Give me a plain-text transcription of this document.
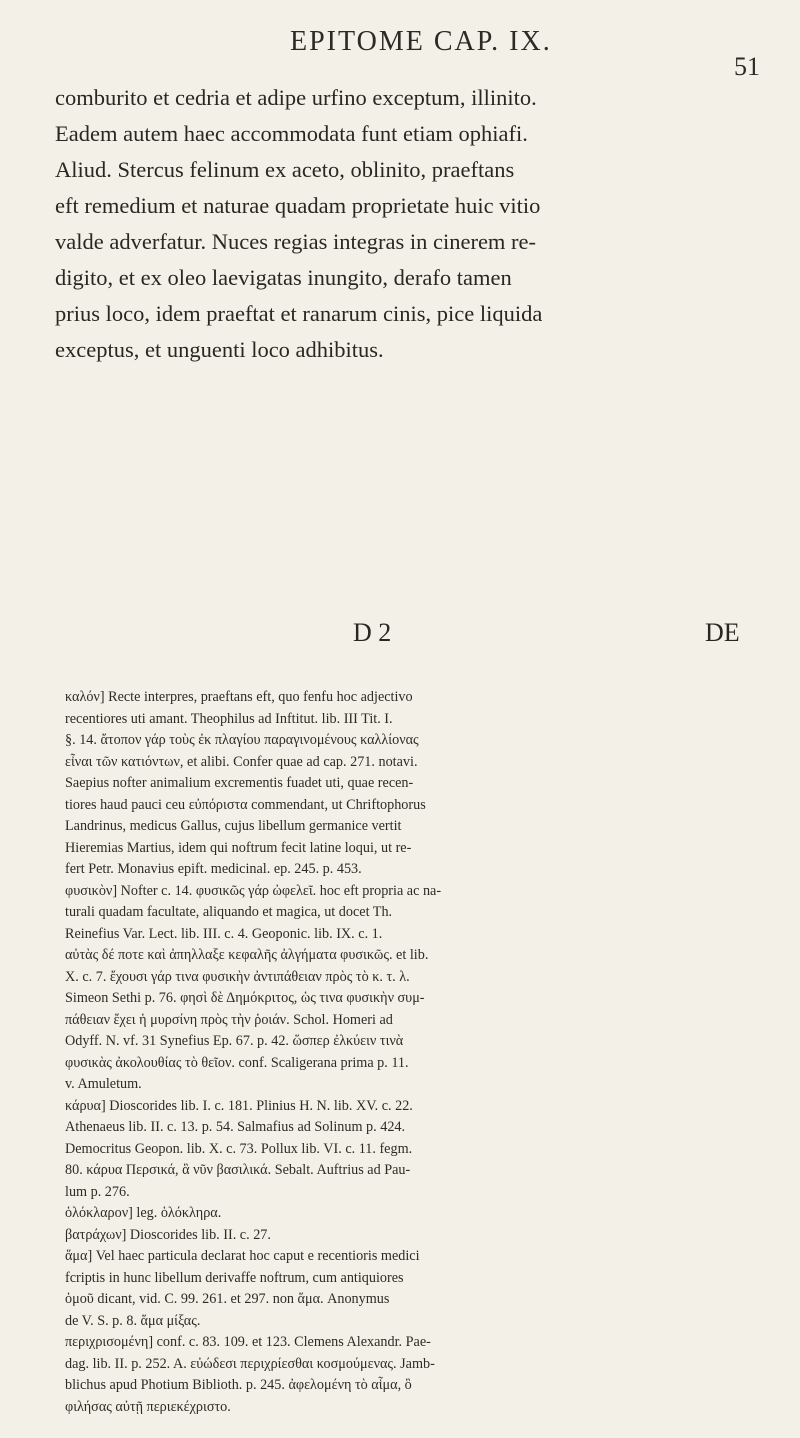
EPITOME CAP. IX.
51
comburito et cedria et adipe urfino exceptum, illinito.
Eadem autem haec accommodata funt etiam ophiafi.
Aliud. Stercus felinum ex aceto, oblinito, praeftans
eft remedium et naturae quadam proprietate huic vitio
valde adverfatur. Nuces regias integras in cinerem re-
digito, et ex oleo laevigatas inungito, derafo tamen
prius loco, idem praeftat et ranarum cinis, pice liquida
exceptus, et unguenti loco adhibitus.
D 2	DE
καλόν] Recte interpres, praeftans eft, quo fenfu hoc adjectivo
recentiores uti amant. Theophilus ad Inftitut. lib. III Tit. I.
§. 14. ἄτοπον γάρ τοὺς ἐκ πλαγίου παραγινομένους καλλίονας
εἶναι τῶν κατιόντων, et alibi. Confer quae ad cap. 271. notavi.
Saepius nofter animalium excrementis fuadet uti, quae recen-
tiores haud pauci ceu εὐπόριστα commendant, ut Chriftophorus
Landrinus, medicus Gallus, cujus libellum germanice vertit
Hieremias Martius, idem qui noftrum fecit latine loqui, ut re-
fert Petr. Monavius epift. medicinal. ep. 245. p. 453.
φυσικὸν] Nofter c. 14. φυσικῶς γάρ ὠφελεῖ. hoc eft propria ac na-
turali quadam facultate, aliquando et magica, ut docet Th.
Reinefius Var. Lect. lib. III. c. 4. Geoponic. lib. IX. c. 1.
αὐτὰς δέ ποτε καὶ ἀπηλλαξε κεφαλῆς ἀλγήματα φυσικῶς. et lib.
X. c. 7. ἔχουσι γάρ τινα φυσικὴν ἀντιπάθειαν πρὸς τὸ κ. τ. λ.
Simeon Sethi p. 76. φησὶ δὲ Δημόκριτος, ὡς τινα φυσικὴν συμ-
πάθειαν ἔχει ἡ μυρσίνη πρὸς τὴν ῥοιάν. Schol. Homeri ad
Odyff. N. vf. 31 Synefius Ep. 67. p. 42. ὥσπερ ἐλκύειν τινὰ
φυσικὰς ἀκολουθίας τὸ θεῖον. conf. Scaligerana prima p. 11.
v. Amuletum.
κάρυα] Dioscorides lib. I. c. 181. Plinius H. N. lib. XV. c. 22.
Athenaeus lib. II. c. 13. p. 54. Salmafius ad Solinum p. 424.
Democritus Geopon. lib. X. c. 73. Pollux lib. VI. c. 11. fegm.
80. κάρυα Περσικά, ἃ νῦν βασιλικά. Sebalt. Auftrius ad Pau-
lum p. 276.
ὁλόκλαρον] leg. ὁλόκληρα.
βατράχων] Dioscorides lib. II. c. 27.
ἅμα] Vel haec particula declarat hoc caput e recentioris medici
fcriptis in hunc libellum derivaffe noftrum, cum antiquiores
ὁμοῦ dicant, vid. C. 99. 261. et 297. non ἅμα. Anonymus
de V. S. p. 8. ἅμα μίξας.
περιχρισομένη] conf. c. 83. 109. et 123. Clemens Alexandr. Pae-
dag. lib. II. p. 252. A. εὐώδεσι περιχρίεσθαι κοσμούμενας. Jamb-
blichus apud Photium Biblioth. p. 245. ἀφελομένη τὸ αἷμα, ὃ
φιλήσας αὐτῇ περιεκέχριστο.
